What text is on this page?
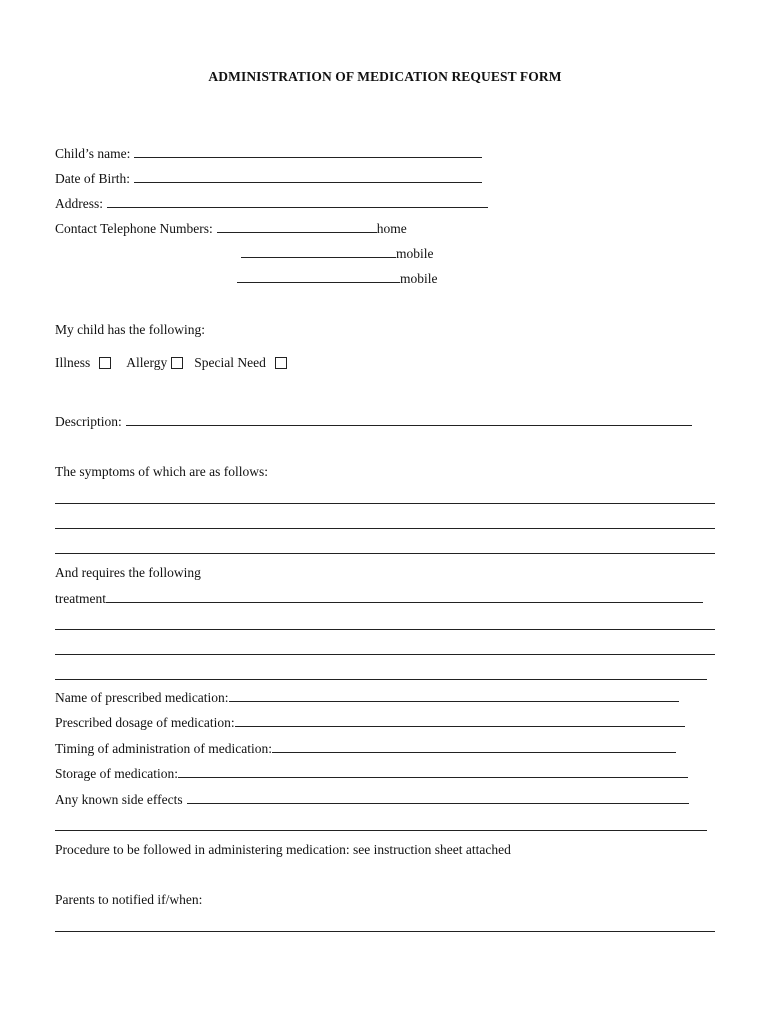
ADMINISTRATION OF MEDICATION REQUEST FORM
Child’s name:
Date of Birth:
Address:
Contact Telephone Numbers:	home
mobile
mobile
My child has the following:
Illness	Allergy Special Need
Description:
The symptoms of which are as follows:
And requires the following
treatment
Name of prescribed medication:
Prescribed dosage of medication:
Timing of administration of medication:
Storage of medication:
Any known side effects
Procedure to be followed in administering medication: see instruction sheet attached
Parents to notified if/when:
